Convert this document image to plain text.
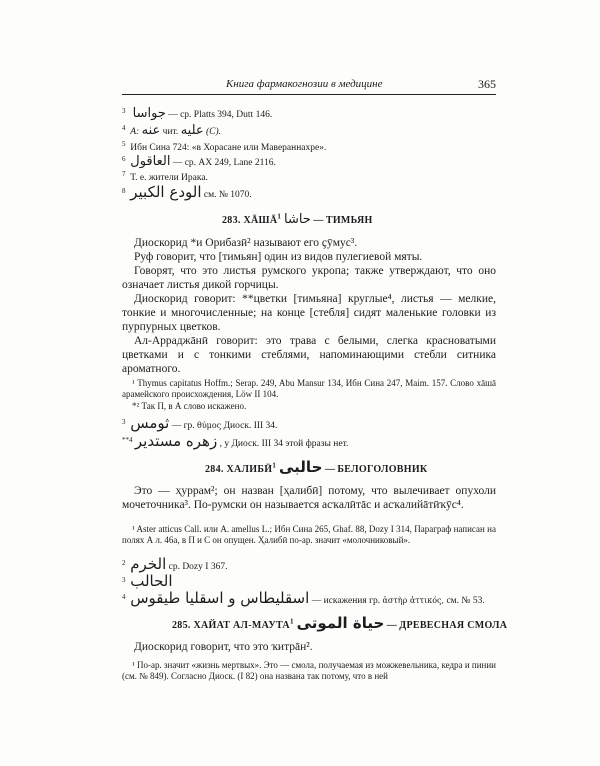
Книга фармакогнозии в медицине	365
$^3$ جواسا — ср. Platts 394, Dutt 146.
$^4$ A: عنه чит. عليه (C).
$^5$ Ибн Сина 724: «в Хорасане или Мавераннахре».
$^6$ العاقول — ср. АХ 249, Lane 2116.
$^7$ Т. е. жители Ирака.
$^8$ الودع الكبير см. № 1070.
283. ХĀШĀ$^1$ حاشا — ТИМЬЯН

Диоскорид *и Орибазӣ² называют его ҫӯмус³.

Руф говорит, что [тимьян] один из видов пулегиевой мяты.

Говорят, что это листья румского укропа; также утверждают, что оно означает листья дикой горчицы.

Диоскорид говорит: **цветки [тимьяна] круглые⁴, листья — мелкие, тонкие и многочисленные; на конце [стебля] сидят маленькие головки из пурпурных цветков.

Ал-Арраджāнӣ говорит: это трава с белыми, слегка красноватыми цветками и с тонкими стеблями, напоминающими стебли ситника ароматного.

¹ Thymus capitatus Hoffm.; Serap. 249, Abu Mansur 134, Ибн Сина 247, Maim. 157. Слово хāшā арамейского происхождения, Löw II 104.
*² Так П, в А слово искажено.
$^3$ ثومس — гр. θύμος Диоск. III 34.
$^{**4}$ زهره مستدير , у Диоск. III 34 этой фразы нет.
284. ХАЛИБӢ$^1$ حالبى — БЕЛОГОЛОВНИК

Это — ҳуррам²; он назван [ҳалибӣ] потому, что вылечивает опухоли мочеточника³. По-румски он называется асҡалӣтāс и асҡалийāтӣҡӯс⁴.

¹ Aster atticus Call. или A. amellus L.; Ибн Сина 265, Ghaf. 88, Dozy I 314, Параграф написан на полях А л. 46а, в П и С он опущен. Ҳалибӣ по-ар. значит «молочниковый».
$^2$ الخرم ср. Dozy I 367.
$^3$ الحالب
$^4$ اسقليطاس و اسقليا طيقوس — искажения гр. ἀστὴρ ἀττικός, см. № 53.
285. ХАЙАТ АЛ-МАУТА$^1$ حياة الموتى — ДРЕВЕСНАЯ СМОЛА

Диоскорид говорит, что это ҡитрāн².

¹ По-ар. значит «жизнь мертвых». Это — смола, получаемая из можжевельника, кедра и пинии (см. № 849). Согласно Диоск. (I 82) она названа так потому, что в ней
